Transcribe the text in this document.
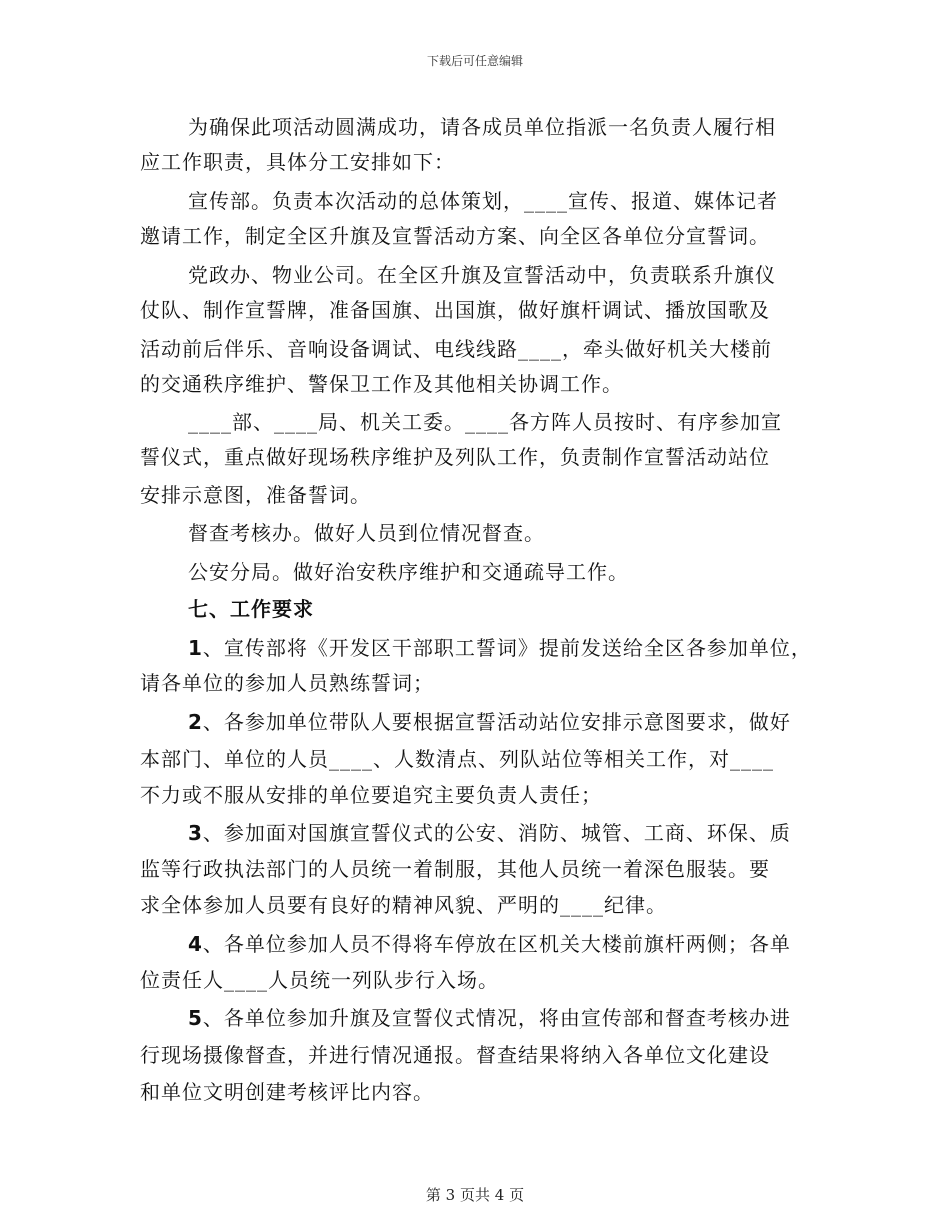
下载后可任意编辑
为确保此项活动圆满成功，请各成员单位指派一名负责人履行相
应工作职责，具体分工安排如下：
宣传部。负责本次活动的总体策划，____宣传、报道、媒体记者
邀请工作，制定全区升旗及宣誓活动方案、向全区各单位分宣誓词。
党政办、物业公司。在全区升旗及宣誓活动中，负责联系升旗仪
仗队、制作宣誓牌，准备国旗、出国旗，做好旗杆调试、播放国歌及
活动前后伴乐、音响设备调试、电线线路____，牵头做好机关大楼前
的交通秩序维护、警保卫工作及其他相关协调工作。
____部、____局、机关工委。____各方阵人员按时、有序参加宣
誓仪式，重点做好现场秩序维护及列队工作，负责制作宣誓活动站位
安排示意图，准备誓词。
督查考核办。做好人员到位情况督查。
公安分局。做好治安秩序维护和交通疏导工作。
七、工作要求
1、宣传部将《开发区干部职工誓词》提前发送给全区各参加单位，
请各单位的参加人员熟练誓词；
2、各参加单位带队人要根据宣誓活动站位安排示意图要求，做好
本部门、单位的人员____、人数清点、列队站位等相关工作，对____
不力或不服从安排的单位要追究主要负责人责任；
3、参加面对国旗宣誓仪式的公安、消防、城管、工商、环保、质
监等行政执法部门的人员统一着制服，其他人员统一着深色服装。要
求全体参加人员要有良好的精神风貌、严明的____纪律。
4、各单位参加人员不得将车停放在区机关大楼前旗杆两侧；各单
位责任人____人员统一列队步行入场。
5、各单位参加升旗及宣誓仪式情况，将由宣传部和督查考核办进
行现场摄像督查，并进行情况通报。督查结果将纳入各单位文化建设
和单位文明创建考核评比内容。
第 3 页共 4 页
